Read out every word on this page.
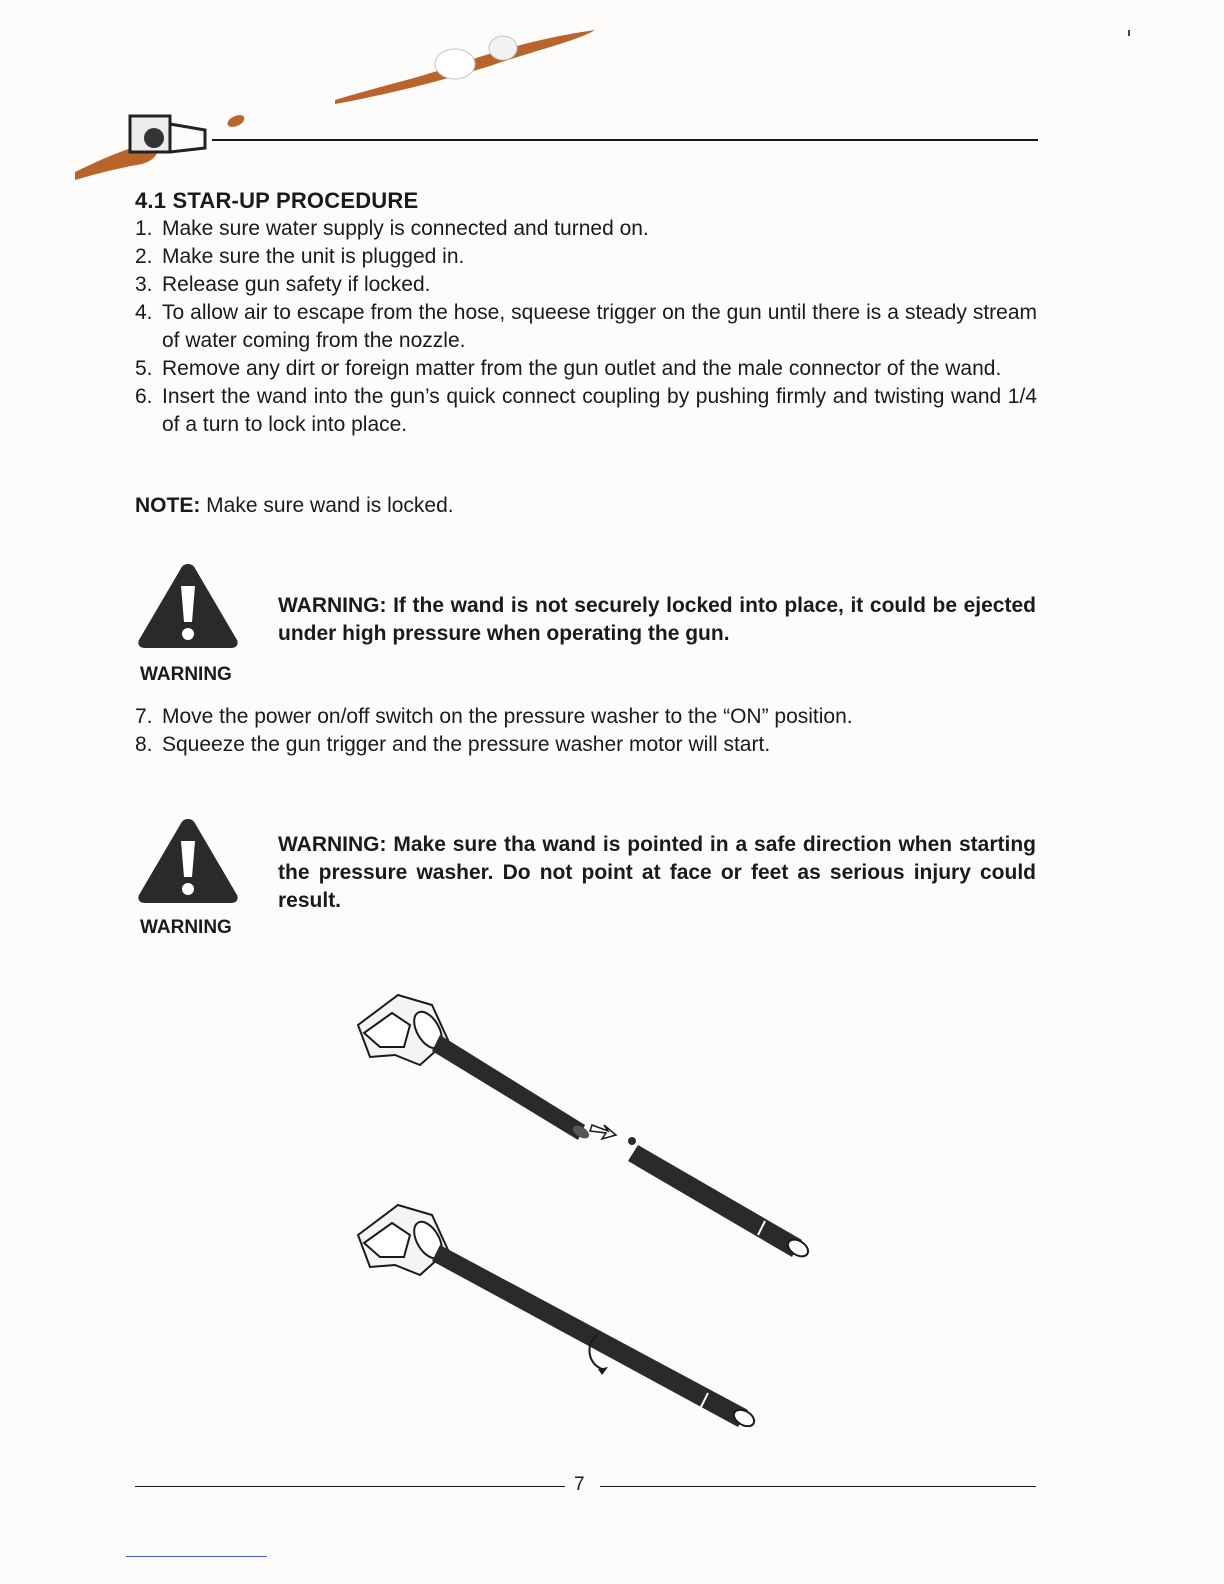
4.1 STAR-UP PROCEDURE
1. Make sure water supply is connected and turned on.
2. Make sure the unit is plugged in.
3. Release gun safety if locked.
4. To allow air to escape from the hose, squeese trigger on the gun until there is a steady stream of water coming from the nozzle.
5. Remove any dirt or foreign matter from the gun outlet and the male connector of the wand.
6. Insert the wand into the gun’s quick connect coupling by pushing firmly and twisting wand 1/4 of a turn to lock into place.
NOTE: Make sure wand is locked.
WARNING
WARNING: If the wand is not securely locked into place, it could be ejected under high pressure when operating the gun.
7. Move the power on/off switch on the pressure washer to the “ON” position.
8. Squeeze the gun trigger and the pressure washer motor will start.
WARNING
WARNING: Make sure tha wand is pointed in a safe direction when starting the pressure washer. Do not point at face or feet as serious injury could result.
7
